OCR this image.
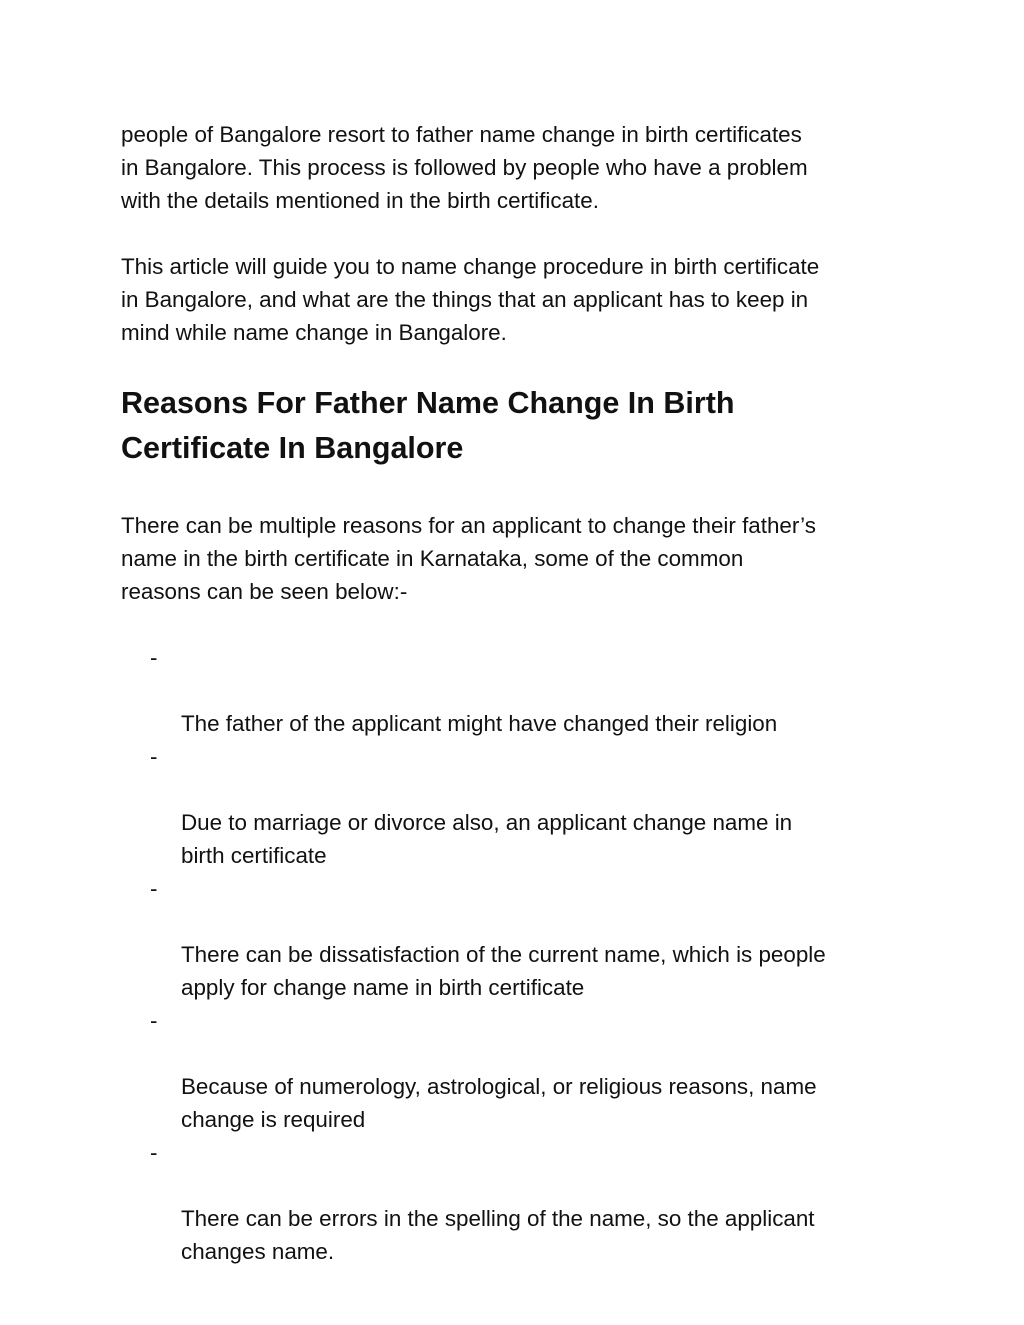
people of Bangalore resort to father name change in birth certificates
in Bangalore. This process is followed by people who have a problem
with the details mentioned in the birth certificate.

This article will guide you to name change procedure in birth certificate
in Bangalore, and what are the things that an applicant has to keep in
mind while name change in Bangalore.

Reasons For Father Name Change In Birth
Certificate In Bangalore

There can be multiple reasons for an applicant to change their father’s
name in the birth certificate in Karnataka, some of the common
reasons can be seen below:-

-

The father of the applicant might have changed their religion

-

Due to marriage or divorce also, an applicant change name in
birth certificate

-

There can be dissatisfaction of the current name, which is people
apply for change name in birth certificate

-

Because of numerology, astrological, or religious reasons, name
change is required

-

There can be errors in the spelling of the name, so the applicant
changes name.
